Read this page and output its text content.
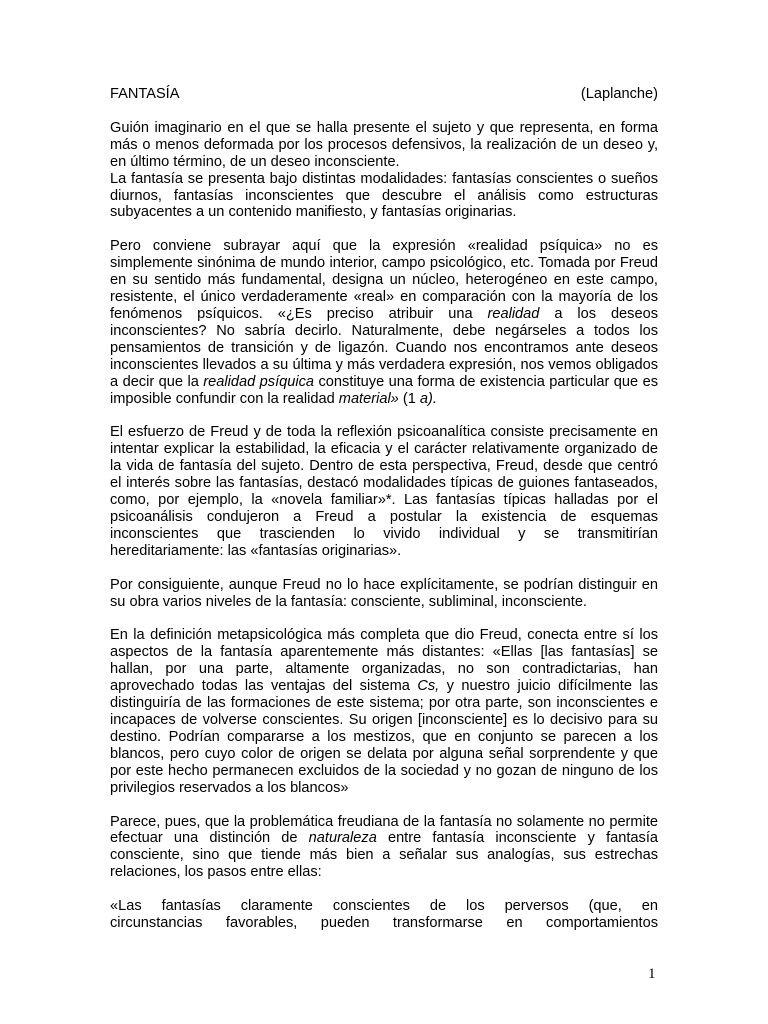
FANTASÍA	(Laplanche)
Guión imaginario en el que se halla presente el sujeto y que representa, en forma más o menos deformada por los procesos defensivos, la realización de un deseo y, en último término, de un deseo inconsciente.
La fantasía se presenta bajo distintas modalidades: fantasías conscientes o sueños diurnos, fantasías inconscientes que descubre el análisis como estructuras subyacentes a un contenido manifiesto, y fantasías originarias.
Pero conviene subrayar aquí que la expresión «realidad psíquica» no es simplemente sinónima de mundo interior, campo psicológico, etc. Tomada por Freud en su sentido más fundamental, designa un núcleo, heterogéneo en este campo, resistente, el único verdaderamente «real» en comparación con la mayoría de los fenómenos psíquicos. «¿Es preciso atribuir una realidad a los deseos inconscientes? No sabría decirlo. Naturalmente, debe negárseles a todos los pensamientos de transición y de ligazón. Cuando nos encontramos ante deseos inconscientes llevados a su última y más verdadera expresión, nos vemos obligados a decir que la realidad psíquica constituye una forma de existencia particular que es imposible confundir con la realidad material» (1 a).
El esfuerzo de Freud y de toda la reflexión psicoanalítica consiste precisamente en intentar explicar la estabilidad, la eficacia y el carácter relativamente organizado de la vida de fantasía del sujeto. Dentro de esta perspectiva, Freud, desde que centró el interés sobre las fantasías, destacó modalidades típicas de guiones fantaseados, como, por ejemplo, la «novela familiar»*. Las fantasías típicas halladas por el psicoanálisis condujeron a Freud a postular la existencia de esquemas inconscientes que trascienden lo vivido individual y se transmitirían hereditariamente: las «fantasías originarias».
Por consiguiente, aunque Freud no lo hace explícitamente, se podrían distinguir en su obra varios niveles de la fantasía: consciente, subliminal, inconsciente.
En la definición metapsicológica más completa que dio Freud, conecta entre sí los aspectos de la fantasía aparentemente más distantes: «Ellas [las fantasías] se hallan, por una parte, altamente organizadas, no son contradictarias, han aprovechado todas las ventajas del sistema Cs, y nuestro juicio difícilmente las distinguiría de las formaciones de este sistema; por otra parte, son inconscientes e incapaces de volverse conscientes. Su origen [inconsciente] es lo decisivo para su destino. Podrían compararse a los mestizos, que en conjunto se parecen a los blancos, pero cuyo color de origen se delata por alguna señal sorprendente y que por este hecho permanecen excluidos de la sociedad y no gozan de ninguno de los privilegios reservados a los blancos»
Parece, pues, que la problemática freudiana de la fantasía no solamente no permite efectuar una distinción de naturaleza entre fantasía inconsciente y fantasía consciente, sino que tiende más bien a señalar sus analogías, sus estrechas relaciones, los pasos entre ellas:
«Las fantasías claramente conscientes de los perversos (que, en
circunstancias favorables, pueden transformarse en comportamientos
1
